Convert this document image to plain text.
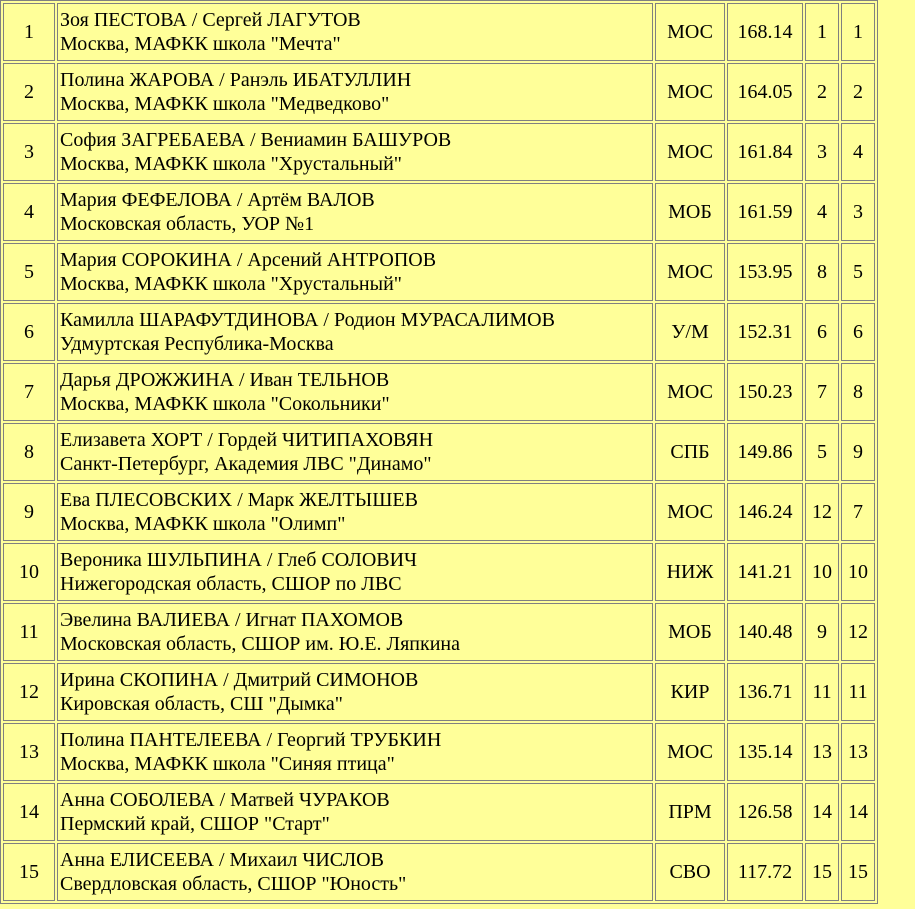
1	Зоя ПЕСТОВА / Сергей ЛАГУТОВ
Москва, МАФКК школа "Мечта"	МОС	168.14	1	1
2	Полина ЖАРОВА / Ранэль ИБАТУЛЛИН
Москва, МАФКК школа "Медведково"	МОС	164.05	2	2
3	София ЗАГРЕБАЕВА / Вениамин БАШУРОВ
Москва, МАФКК школа "Хрустальный"	МОС	161.84	3	4
4	Мария ФЕФЕЛОВА / Артём ВАЛОВ
Московская область, УОР №1	МОБ	161.59	4	3
5	Мария СОРОКИНА / Арсений АНТРОПОВ
Москва, МАФКК школа "Хрустальный"	МОС	153.95	8	5
6	Камилла ШАРАФУТДИНОВА / Родион МУРАСАЛИМОВ
Удмуртская Республика-Москва	У/М	152.31	6	6
7	Дарья ДРОЖЖИНА / Иван ТЕЛЬНОВ
Москва, МАФКК школа "Сокольники"	МОС	150.23	7	8
8	Елизавета ХОРТ / Гордей ЧИТИПАХОВЯН
Санкт-Петербург, Академия ЛВС "Динамо"	СПБ	149.86	5	9
9	Ева ПЛЕСОВСКИХ / Марк ЖЕЛТЫШЕВ
Москва, МАФКК школа "Олимп"	МОС	146.24	12	7
10	Вероника ШУЛЬПИНА / Глеб СОЛОВИЧ
Нижегородская область, СШОР по ЛВС	НИЖ	141.21	10	10
11	Эвелина ВАЛИЕВА / Игнат ПАХОМОВ
Московская область, СШОР им. Ю.Е. Ляпкина	МОБ	140.48	9	12
12	Ирина СКОПИНА / Дмитрий СИМОНОВ
Кировская область, СШ "Дымка"	КИР	136.71	11	11
13	Полина ПАНТЕЛЕЕВА / Георгий ТРУБКИН
Москва, МАФКК школа "Синяя птица"	МОС	135.14	13	13
14	Анна СОБОЛЕВА / Матвей ЧУРАКОВ
Пермский край, СШОР "Старт"	ПРМ	126.58	14	14
15	Анна ЕЛИСЕЕВА / Михаил ЧИСЛОВ
Свердловская область, СШОР "Юность"	СВО	117.72	15	15
